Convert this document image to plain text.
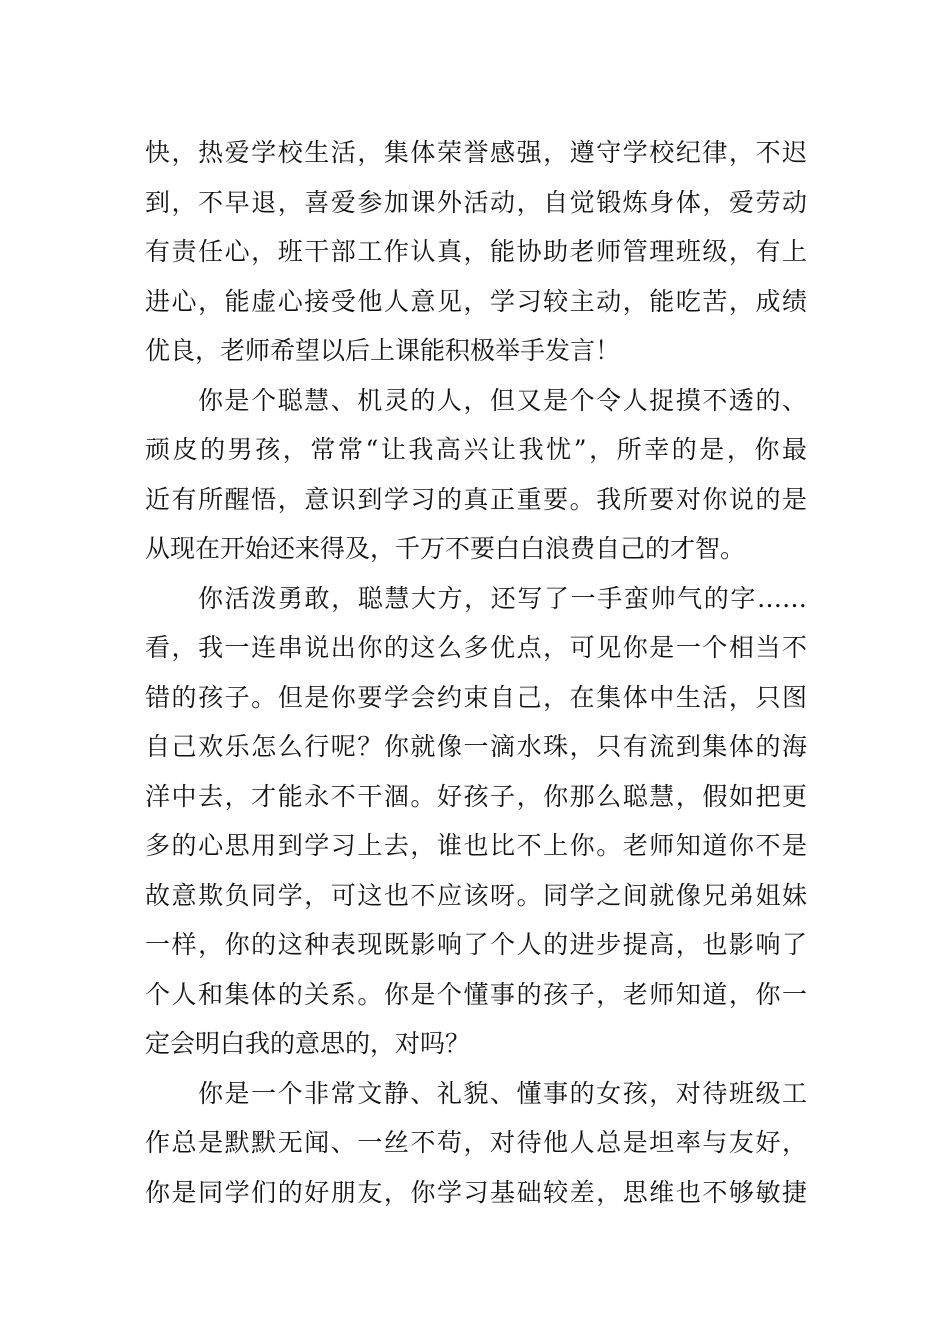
快，热爱学校生活，集体荣誉感强，遵守学校纪律，不迟
到，不早退，喜爱参加课外活动，自觉锻炼身体，爱劳动
有责任心，班干部工作认真，能协助老师管理班级，有上
进心，能虚心接受他人意见，学习较主动，能吃苦，成绩
优良，老师希望以后上课能积极举手发言！
你是个聪慧、机灵的人，但又是个令人捉摸不透的、
顽皮的男孩，常常“让我高兴让我忧”，所幸的是，你最
近有所醒悟，意识到学习的真正重要。我所要对你说的是
从现在开始还来得及，千万不要白白浪费自己的才智。
你活泼勇敢，聪慧大方，还写了一手蛮帅气的字……
看，我一连串说出你的这么多优点，可见你是一个相当不
错的孩子。但是你要学会约束自己，在集体中生活，只图
自己欢乐怎么行呢？你就像一滴水珠，只有流到集体的海
洋中去，才能永不干涸。好孩子，你那么聪慧，假如把更
多的心思用到学习上去，谁也比不上你。老师知道你不是
故意欺负同学，可这也不应该呀。同学之间就像兄弟姐妹
一样，你的这种表现既影响了个人的进步提高，也影响了
个人和集体的关系。你是个懂事的孩子，老师知道，你一
定会明白我的意思的，对吗？
你是一个非常文静、礼貌、懂事的女孩，对待班级工
作总是默默无闻、一丝不苟，对待他人总是坦率与友好，
你是同学们的好朋友，你学习基础较差，思维也不够敏捷
